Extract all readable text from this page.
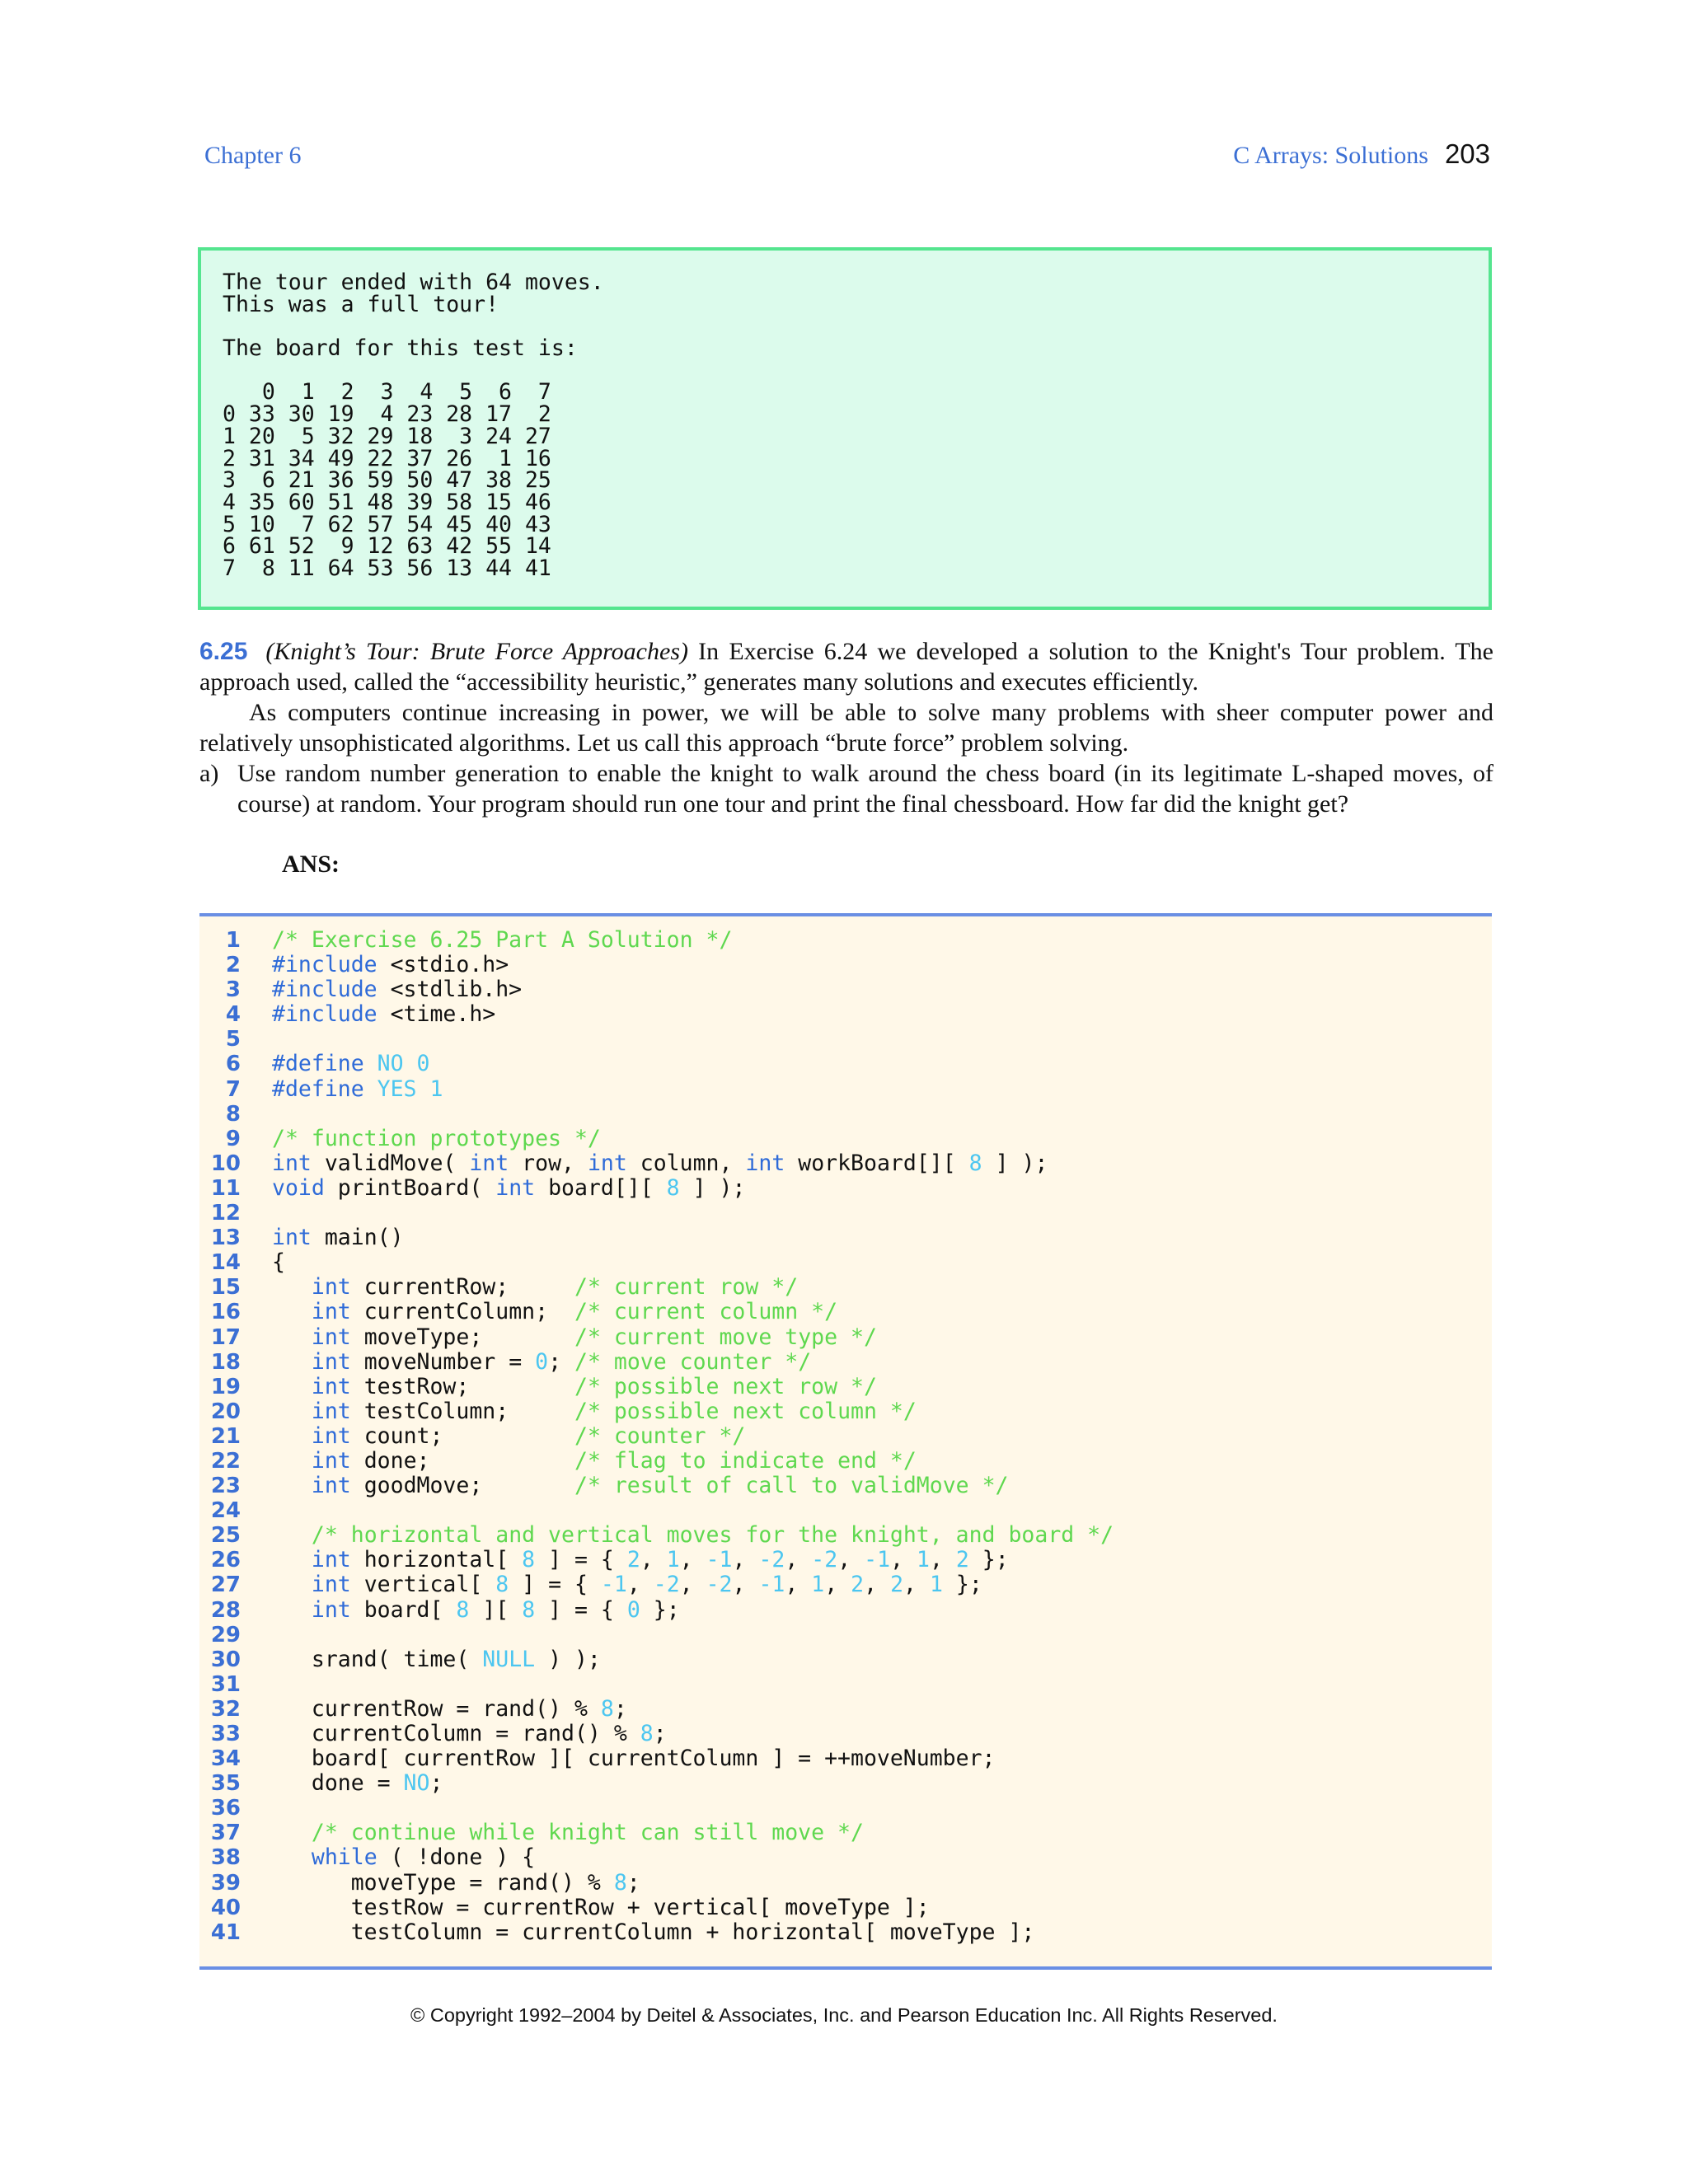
Chapter 6	C Arrays: Solutions 203
The tour ended with 64 moves.
This was a full tour!
The board for this test is:
0  1  2  3  4  5  6  7
0 33 30 19  4 23 28 17  2
1 20  5 32 29 18  3 24 27
2 31 34 49 22 37 26  1 16
3  6 21 36 59 50 47 38 25
4 35 60 51 48 39 58 15 46
5 10  7 62 57 54 45 40 43
6 61 52  9 12 63 42 55 14
7  8 11 64 53 56 13 44 41

6.25 (Knight’s Tour: Brute Force Approaches) In Exercise 6.24 we developed a solution to the Knight's Tour problem. The approach used, called the “accessibility heuristic,” generates many solutions and executes efficiently.

As computers continue increasing in power, we will be able to solve many problems with sheer computer power and relatively unsophisticated algorithms. Let us call this approach “brute force” problem solving.

a) Use random number generation to enable the knight to walk around the chess board (in its legitimate L-shaped moves, of course) at random. Your program should run one tour and print the final chessboard. How far did the knight get?

ANS:
1 /* Exercise 6.25 Part A Solution */
2 #include <stdio.h>
3 #include <stdlib.h>
4 #include <time.h>
5
6 #define NO 0
7 #define YES 1
8
9 /* function prototypes */
10 int validMove( int row, int column, int workBoard[][ 8 ] );
11 void printBoard( int board[][ 8 ] );
12
13 int main()
14 {
15	int currentRow;     /* current row */
16	int currentColumn;  /* current column */
17	int moveType;       /* current move type */
18	int moveNumber = 0; /* move counter */
19	int testRow;        /* possible next row */
20	int testColumn;     /* possible next column */
21	int count;          /* counter */
22	int done;           /* flag to indicate end */
23	int goodMove;       /* result of call to validMove */
24
25	/* horizontal and vertical moves for the knight, and board */
26	int horizontal[ 8 ] = { 2, 1, -1, -2, -2, -1, 1, 2 };
27	int vertical[ 8 ] = { -1, -2, -2, -1, 1, 2, 2, 1 };
28	int board[ 8 ][ 8 ] = { 0 };
29
30 srand( time( NULL ) );
31
32 currentRow = rand() % 8;
33 currentColumn = rand() % 8;
34 board[ currentRow ][ currentColumn ] = ++moveNumber;
35 done = NO;
36
37	/* continue while knight can still move */
38	while ( !done ) {
39 moveType = rand() % 8;
40 testRow = currentRow + vertical[ moveType ];
41 testColumn = currentColumn + horizontal[ moveType ];
© Copyright 1992–2004 by Deitel & Associates, Inc. and Pearson Education Inc. All Rights Reserved.
